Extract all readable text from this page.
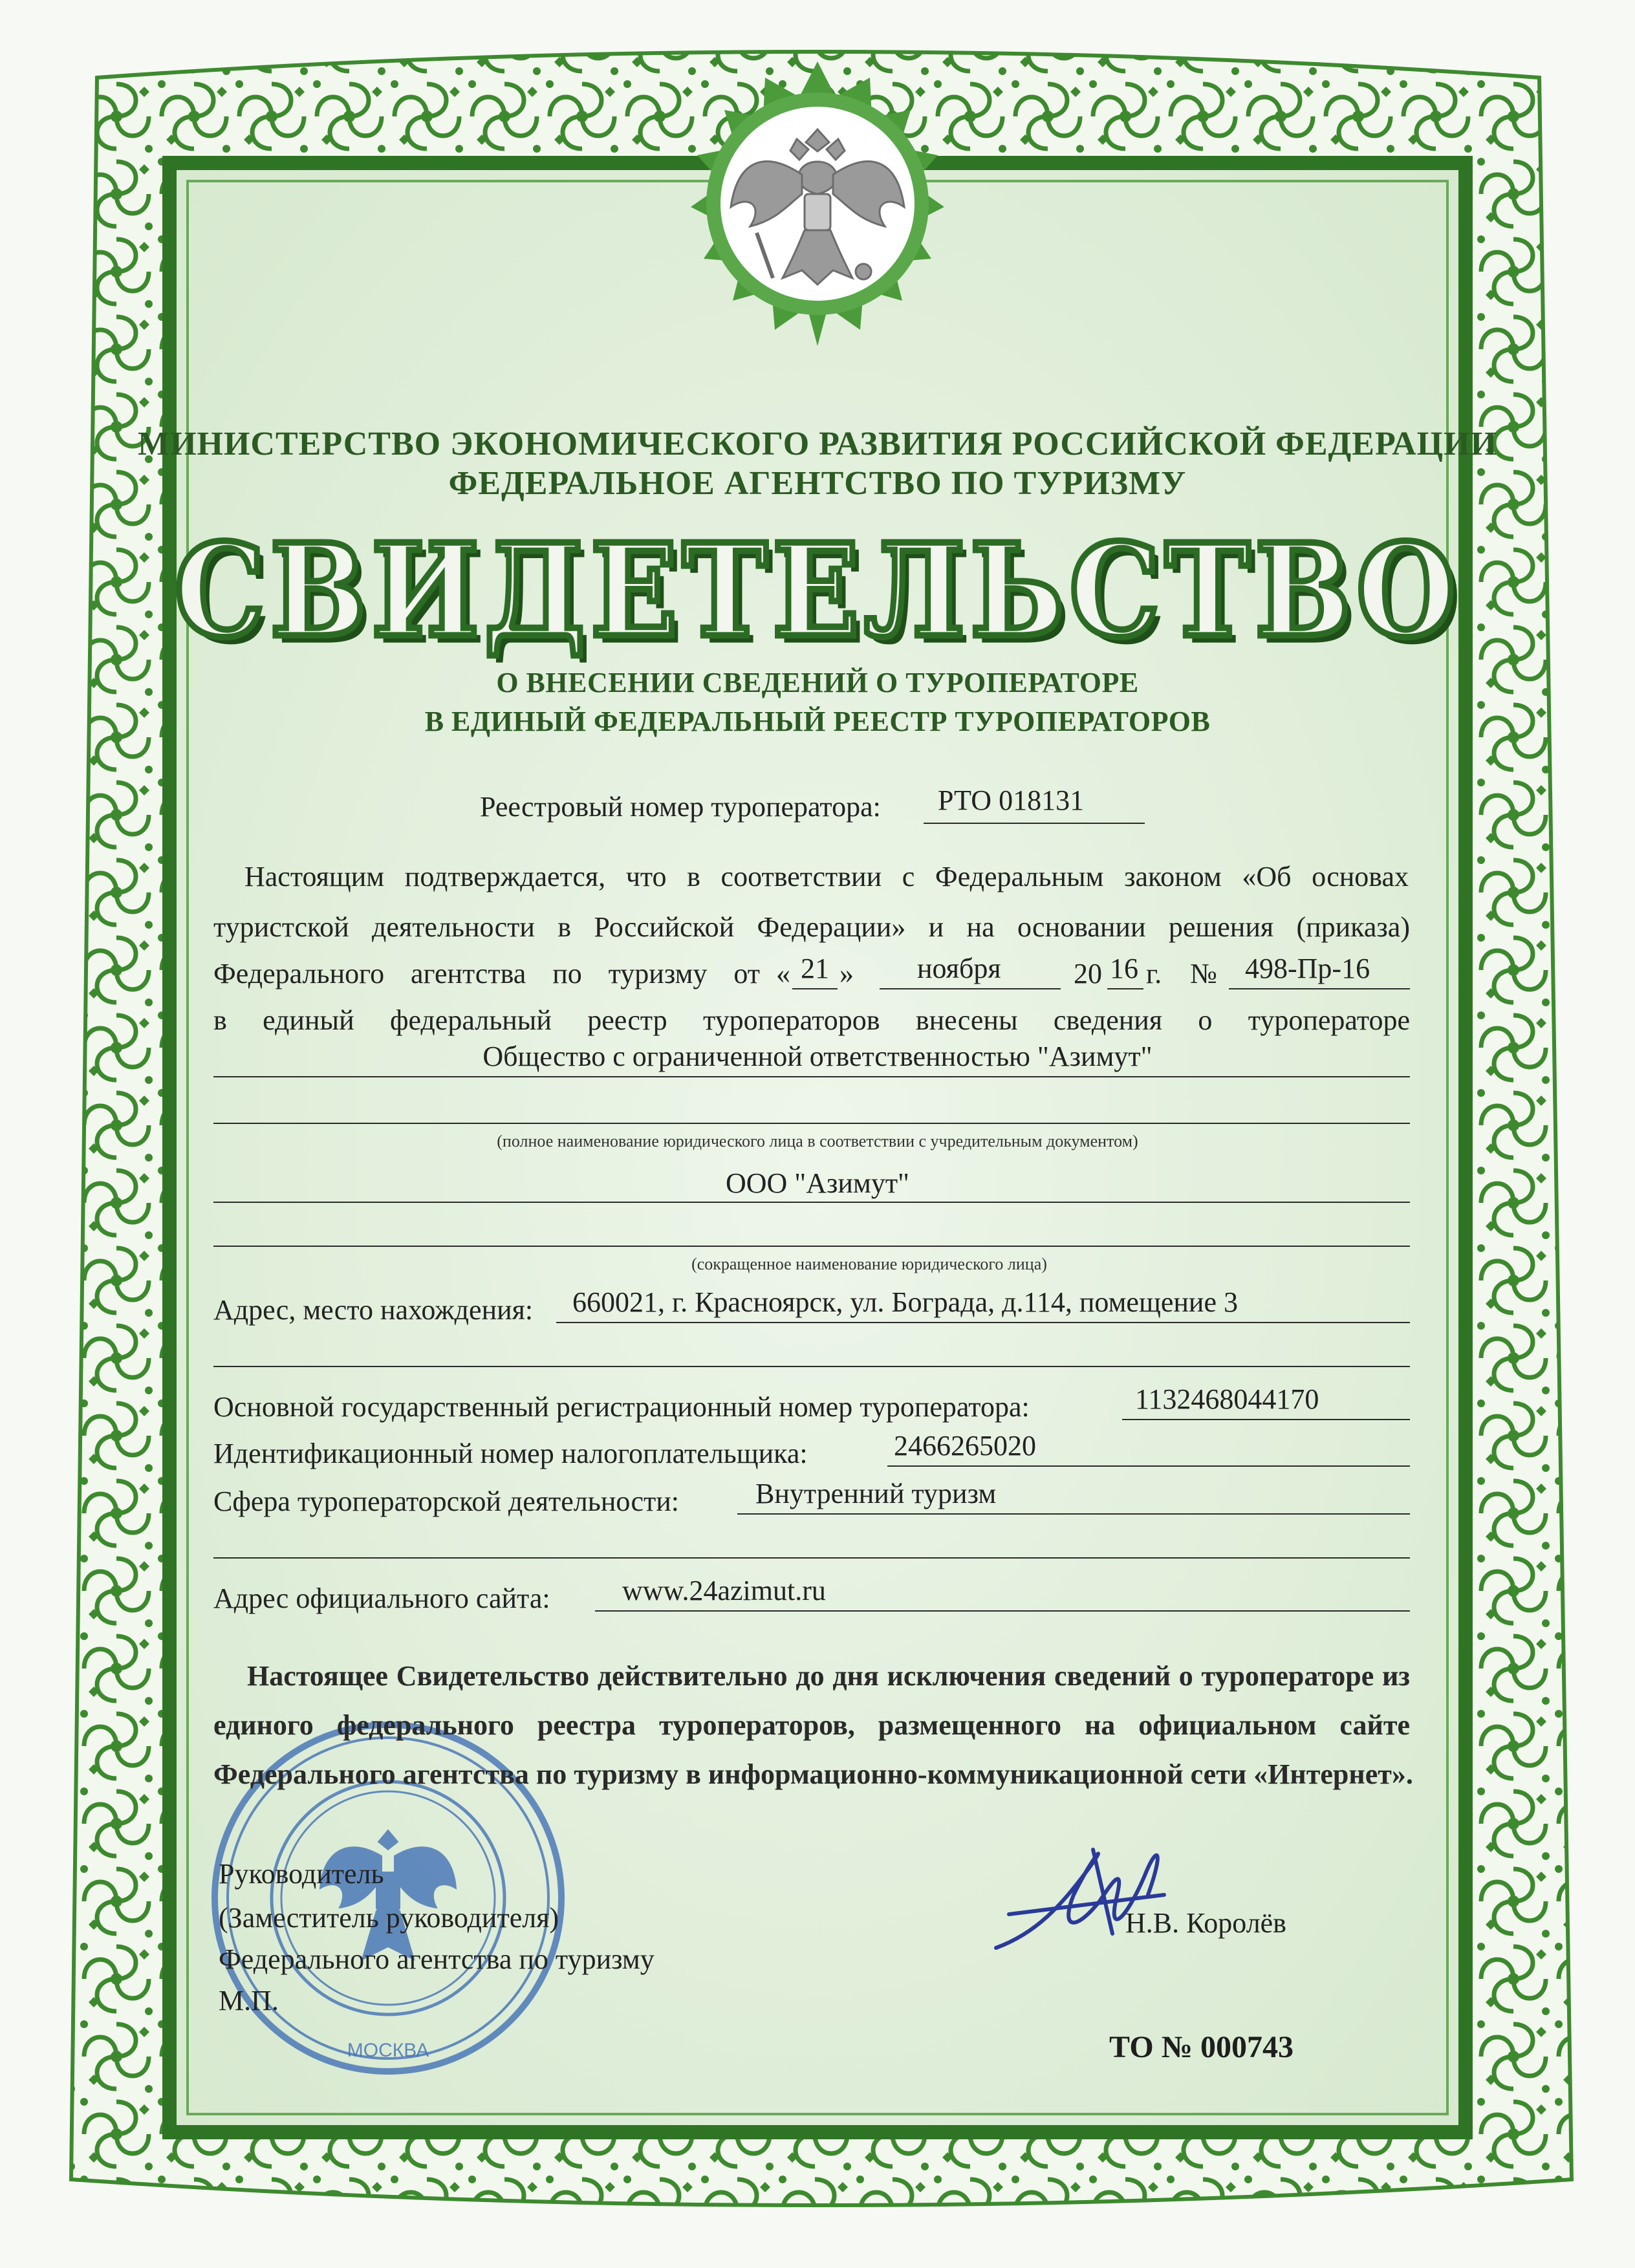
МОСКВА
МИНИСТЕРСТВО ЭКОНОМИЧЕСКОГО РАЗВИТИЯ РОССИЙСКОЙ ФЕДЕРАЦИИ
ФЕДЕРАЛЬНОЕ АГЕНТСТВО ПО ТУРИЗМУ
СВИДЕТЕЛЬСТВО
О ВНЕСЕНИИ СВЕДЕНИЙ О ТУРОПЕРАТОРЕ
В ЕДИНЫЙ ФЕДЕРАЛЬНЫЙ РЕЕСТР ТУРОПЕРАТОРОВ
Реестровый номер туроператора: РТО 018131
Настоящим подтверждается, что в соответствии с Федеральным законом «Об основах
туристской деятельности в Российской Федерации» и на основании решения (приказа)
Федерального агентства по туризму от « 21 » ноября	20 16 г. № 498-Пр-16
в единый федеральный реестр туроператоров внесены сведения о туроператоре
Общество с ограниченной ответственностью "Азимут"
(полное наименование юридического лица в соответствии с учредительным документом)
ООО "Азимут"
(сокращенное наименование юридического лица)
Адрес, место нахождения: 660021, г. Красноярск, ул. Бограда, д.114, помещение 3
Основной государственный регистрационный номер туроператора:	1132468044170
Идентификационный номер налогоплательщика:	2466265020
Сфера туроператорской деятельности:	Внутренний туризм
Адрес официального сайта:	www.24azimut.ru
Настоящее Свидетельство действительно до дня исключения сведений о туроператоре из
единого федерального реестра туроператоров, размещенного на официальном сайте
Федерального агентства по туризму в информационно-коммуникационной сети «Интернет».
Руководитель
(Заместитель руководителя)
Федерального агентства по туризму
М.П.
Н.В. Королёв
ТО № 000743
